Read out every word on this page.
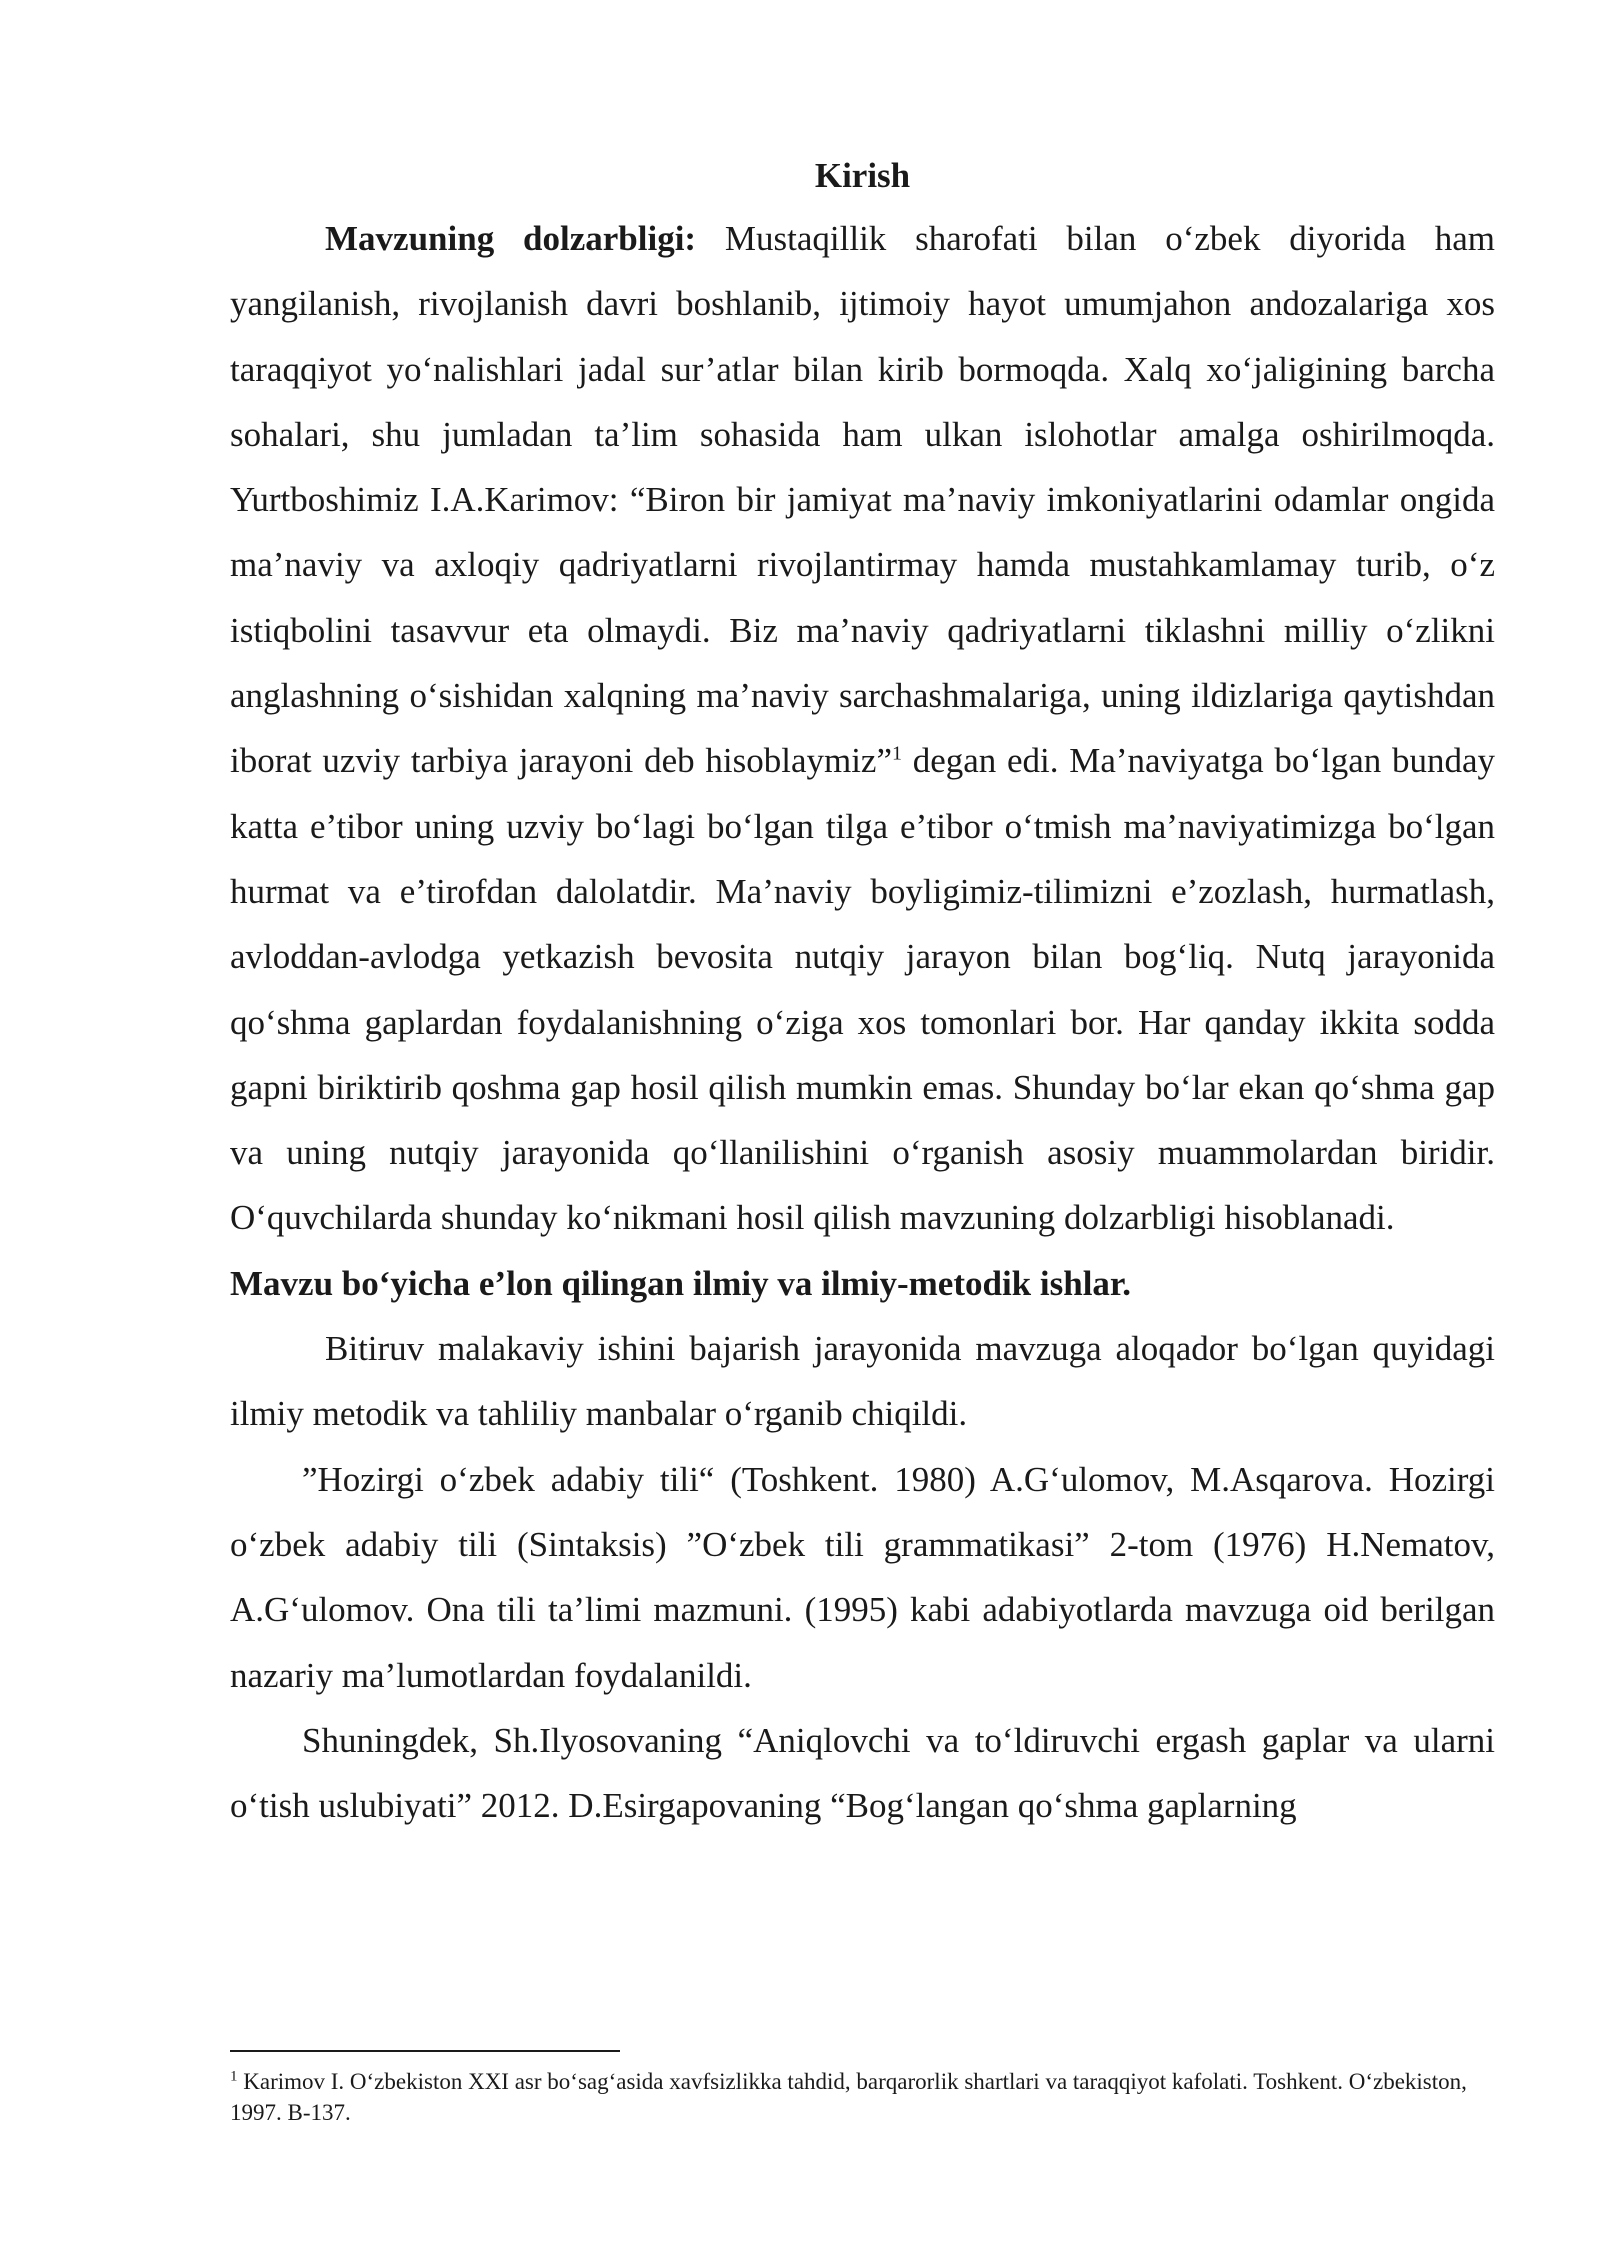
Kirish

Mavzuning dolzarbligi: Mustaqillik sharofati bilan o‘zbek diyorida ham yangilanish, rivojlanish davri boshlanib, ijtimoiy hayot umumjahon andozalariga xos taraqqiyot yo‘nalishlari jadal sur’atlar bilan kirib bormoqda. Xalq xo‘jaligining barcha sohalari, shu jumladan ta’lim sohasida ham ulkan islohotlar amalga oshirilmoqda. Yurtboshimiz I.A.Karimov: “Biron bir jamiyat ma’naviy imkoniyatlarini odamlar ongida ma’naviy va axloqiy qadriyatlarni rivojlantirmay hamda mustahkamlamay turib, o‘z istiqbolini tasavvur eta olmaydi. Biz ma’naviy qadriyatlarni tiklashni milliy o‘zlikni anglashning o‘sishidan xalqning ma’naviy sarchashmalariga, uning ildizlariga qaytishdan iborat uzviy tarbiya jarayoni deb hisoblaymiz”$^1$ degan edi. Ma’naviyatga bo‘lgan bunday katta e’tibor uning uzviy bo‘lagi bo‘lgan tilga e’tibor o‘tmish ma’naviyatimizga bo‘lgan hurmat va e’tirofdan dalolatdir. Ma’naviy boyligimiz-tilimizni e’zozlash, hurmatlash, avloddan-avlodga yetkazish bevosita nutqiy jarayon bilan bog‘liq. Nutq jarayonida qo‘shma gaplardan foydalanishning o‘ziga xos tomonlari bor. Har qanday ikkita sodda gapni biriktirib qoshma gap hosil qilish mumkin emas. Shunday bo‘lar ekan qo‘shma gap va uning nutqiy jarayonida qo‘llanilishini o‘rganish asosiy muammolardan biridir. O‘quvchilarda shunday ko‘nikmani hosil qilish mavzuning dolzarbligi hisoblanadi.

Mavzu bo‘yicha e’lon qilingan ilmiy va ilmiy-metodik ishlar.

Bitiruv malakaviy ishini bajarish jarayonida mavzuga aloqador bo‘lgan quyidagi ilmiy metodik va tahliliy manbalar o‘rganib chiqildi.

”Hozirgi o‘zbek adabiy tili“ (Toshkent. 1980) A.G‘ulomov, M.Asqarova. Hozirgi o‘zbek adabiy tili (Sintaksis) ”O‘zbek tili grammatikasi” 2-tom (1976) H.Nematov, A.G‘ulomov. Ona tili ta’limi mazmuni. (1995) kabi adabiyotlarda mavzuga oid berilgan nazariy ma’lumotlardan foydalanildi.

Shuningdek, Sh.Ilyosovaning “Aniqlovchi va to‘ldiruvchi ergash gaplar va ularni o‘tish uslubiyati” 2012. D.Esirgapovaning “Bog‘langan qo‘shma gaplarning

$^1$ Karimov I. O‘zbekiston XXI asr bo‘sag‘asida xavfsizlikka tahdid, barqarorlik shartlari va taraqqiyot kafolati. Toshkent. O‘zbekiston, 1997. B-137.
